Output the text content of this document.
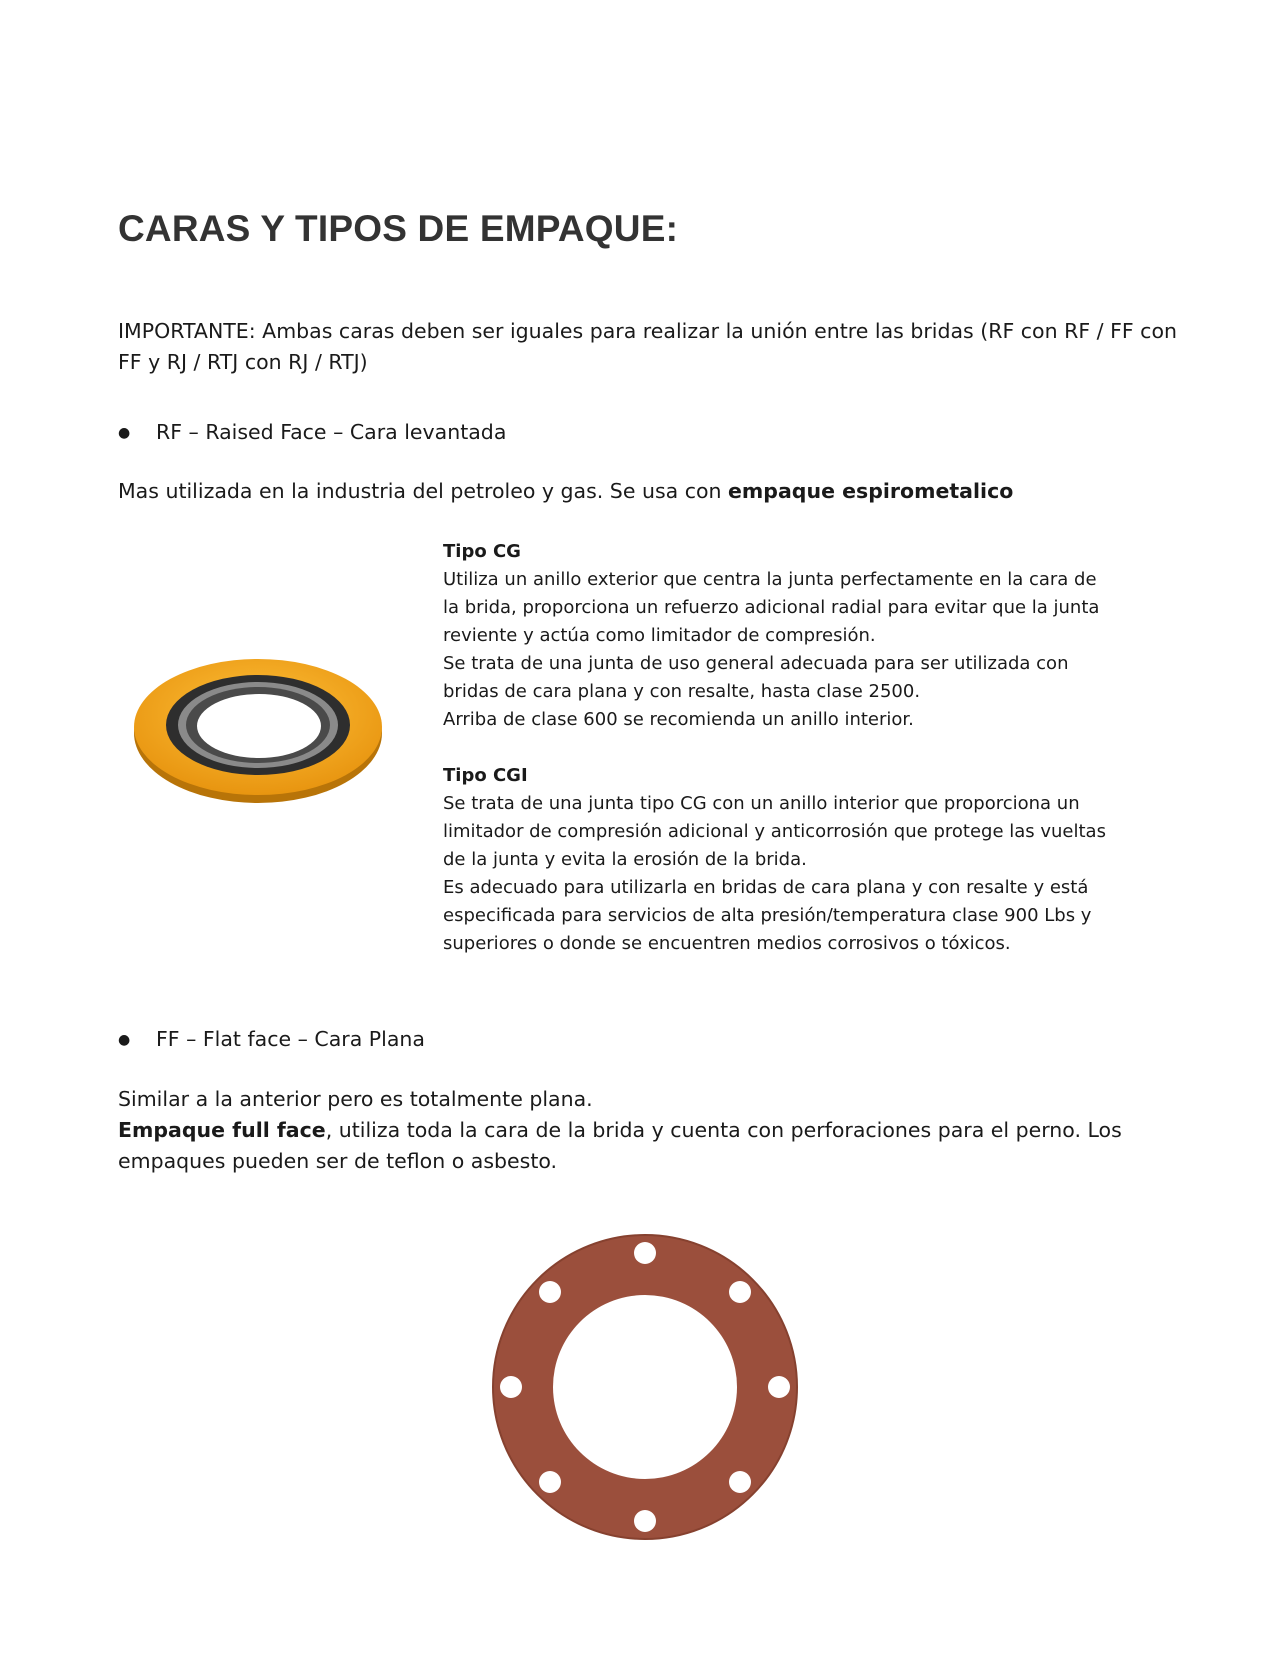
CARAS Y TIPOS DE EMPAQUE:

IMPORTANTE: Ambas caras deben ser iguales para realizar la unión entre las bridas (RF con RF / FF con FF y RJ / RTJ con RJ / RTJ)

● RF – Raised Face – Cara levantada

Mas utilizada en la industria del petroleo y gas. Se usa con empaque espirometalico

Tipo CG
Utiliza un anillo exterior que centra la junta perfectamente en la cara de
la brida, proporciona un refuerzo adicional radial para evitar que la junta
reviente y actúa como limitador de compresión.
Se trata de una junta de uso general adecuada para ser utilizada con
bridas de cara plana y con resalte, hasta clase 2500.
Arriba de clase 600 se recomienda un anillo interior.
Tipo CGI
Se trata de una junta tipo CG con un anillo interior que proporciona un
limitador de compresión adicional y anticorrosión que protege las vueltas
de la junta y evita la erosión de la brida.
Es adecuado para utilizarla en bridas de cara plana y con resalte y está
especificada para servicios de alta presión/temperatura clase 900 Lbs y
superiores o donde se encuentren medios corrosivos o tóxicos.
● FF – Flat face – Cara Plana

Similar a la anterior pero es totalmente plana.
Empaque full face, utiliza toda la cara de la brida y cuenta con perforaciones para el perno. Los empaques pueden ser de teflon o asbesto.
